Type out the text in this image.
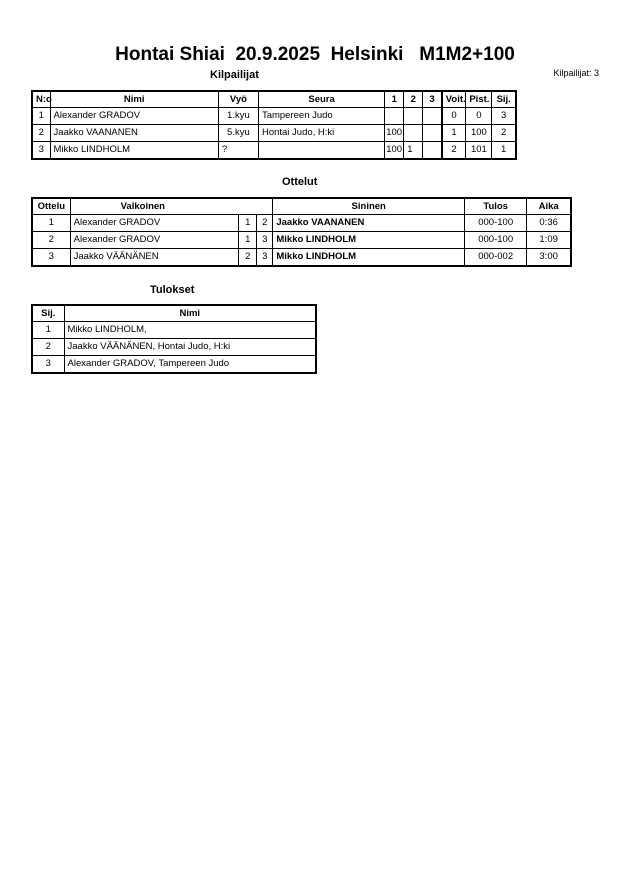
Hontai Shiai  20.9.2025  Helsinki   M1M2+100
Kilpailijat: 3
Kilpailijat
N:o	Nimi	Vyö	Seura	1	2	3	Voit.	Pist.	Sij.
1	Alexander GRADOV	1.kyu	Tampereen Judo				0	0	3
2	Jaakko VAANANEN	5.kyu	Hontai Judo, H:ki	100			1	100	2
3	Mikko LINDHOLM	?		100	1		2	101	1
Ottelut
Ottelu	Valkoinen			Sininen	Tulos	Aika
1	Alexander GRADOV	1	2	Jaakko VAANANEN	000-100	0:36
2	Alexander GRADOV	1	3	Mikko LINDHOLM	000-100	1:09
3	Jaakko VÄÄNÄNEN	2	3	Mikko LINDHOLM	000-002	3:00
Tulokset
Sij.	Nimi
1	Mikko LINDHOLM,
2	Jaakko VÄÄNÄNEN, Hontai Judo, H:ki
3	Alexander GRADOV, Tampereen Judo
